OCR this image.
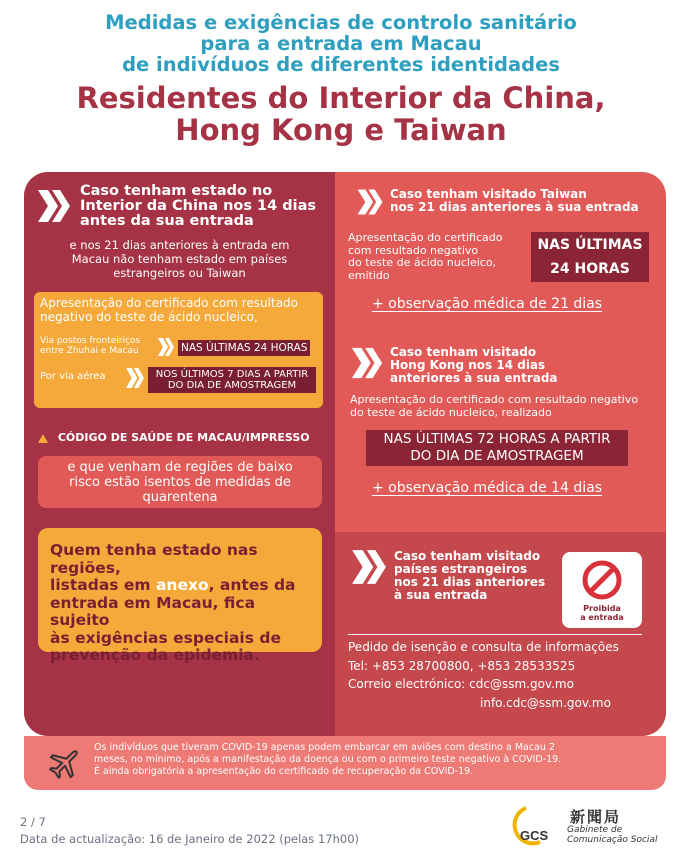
Medidas e exigências de controlo sanitário
para a entrada em Macau
de indivíduos de diferentes identidades
Residentes do Interior da China,
Hong Kong e Taiwan
Caso tenham estado no
Interior da China nos 14 dias
antes da sua entrada
e nos 21 dias anteriores à entrada em
Macau não tenham estado em países
estrangeiros ou Taiwan
Apresentação do certificado com resultado
negativo do teste de ácido nucleico,
Via postos fronteiriços
entre Zhuhai e Macau	NAS ÚLTIMAS 24 HORAS
Por via aérea	NOS ÚLTIMOS 7 DIAS A PARTIR
DO DIA DE AMOSTRAGEM
CÓDIGO DE SAÚDE DE MACAU/IMPRESSO
e que venham de regiões de baixo
risco estão isentos de medidas de
quarentena
Quem tenha estado nas regiões,
listadas em anexo, antes da
entrada em Macau, fica sujeito
às exigências especiais de
prevenção da epidemia.
Caso tenham visitado Taiwan
nos 21 dias anteriores à sua entrada
Apresentação do certificado
com resultado negativo
do teste de ácido nucleico,
emitido
NAS ÚLTIMAS
24 HORAS
+ observação médica de 21 dias
Caso tenham visitado
Hong Kong nos 14 dias
anteriores à sua entrada
Apresentação do certificado com resultado negativo
do teste de ácido nucleico, realizado
NAS ÚLTIMAS 72 HORAS A PARTIR
DO DIA DE AMOSTRAGEM
+ observação médica de 14 dias
Caso tenham visitado
países estrangeiros
nos 21 dias anteriores
à sua entrada
Pedido de isenção e consulta de informações
Tel: +853 28700800, +853 28533525
Correio electrónico: cdc@ssm.gov.mo
info.cdc@ssm.gov.mo
Proibida
a entrada
Os indivíduos que tiveram COVID-19 apenas podem embarcar em aviões com destino a Macau 2
meses, no mínimo, após a manifestação da doença ou com o primeiro teste negativo à COVID-19.
É ainda obrigatória a apresentação do certificado de recuperação da COVID-19.
2 / 7
Data de actualização: 16 de Janeiro de 2022 (pelas 17h00)	GCS
新聞局
Gabinete de
Comunicação Social
